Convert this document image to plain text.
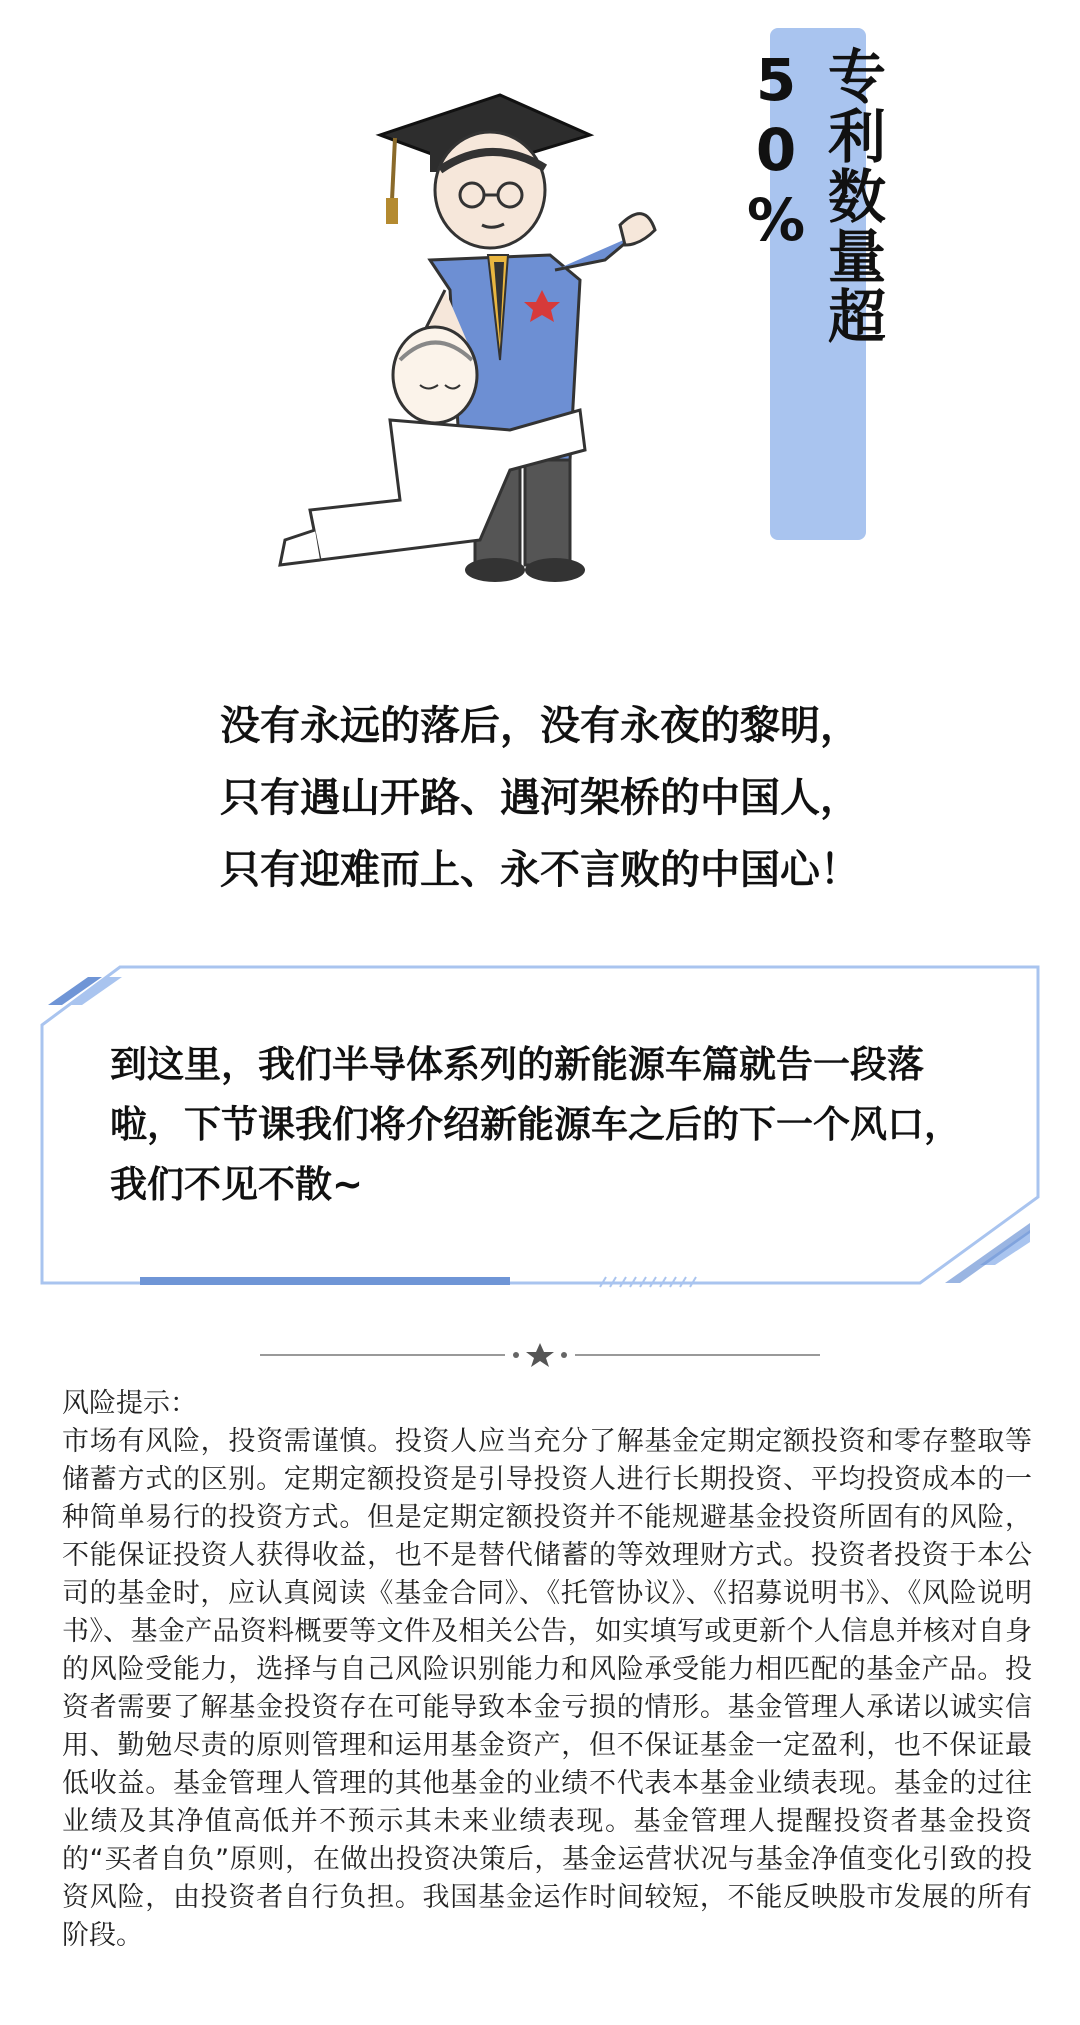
专利数量超50%
没有永远的落后，没有永夜的黎明，
只有遇山开路、遇河架桥的中国人，
只有迎难而上、永不言败的中国心！
到这里，我们半导体系列的新能源车篇就告一段落啦，下节课我们将介绍新能源车之后的下一个风口，我们不见不散~

风险提示：

市场有风险，投资需谨慎。投资人应当充分了解基金定期定额投资和零存整取等储蓄方式的区别。定期定额投资是引导投资人进行长期投资、平均投资成本的一种简单易行的投资方式。但是定期定额投资并不能规避基金投资所固有的风险，不能保证投资人获得收益，也不是替代储蓄的等效理财方式。投资者投资于本公司的基金时，应认真阅读《基金合同》、《托管协议》、《招募说明书》、《风险说明书》、基金产品资料概要等文件及相关公告，如实填写或更新个人信息并核对自身的风险受能力，选择与自己风险识别能力和风险承受能力相匹配的基金产品。投资者需要了解基金投资存在可能导致本金亏损的情形。基金管理人承诺以诚实信用、勤勉尽责的原则管理和运用基金资产，但不保证基金一定盈利，也不保证最低收益。基金管理人管理的其他基金的业绩不代表本基金业绩表现。基金的过往业绩及其净值高低并不预示其未来业绩表现。基金管理人提醒投资者基金投资的“买者自负”原则，在做出投资决策后，基金运营状况与基金净值变化引致的投资风险，由投资者自行负担。我国基金运作时间较短，不能反映股市发展的所有阶段。
